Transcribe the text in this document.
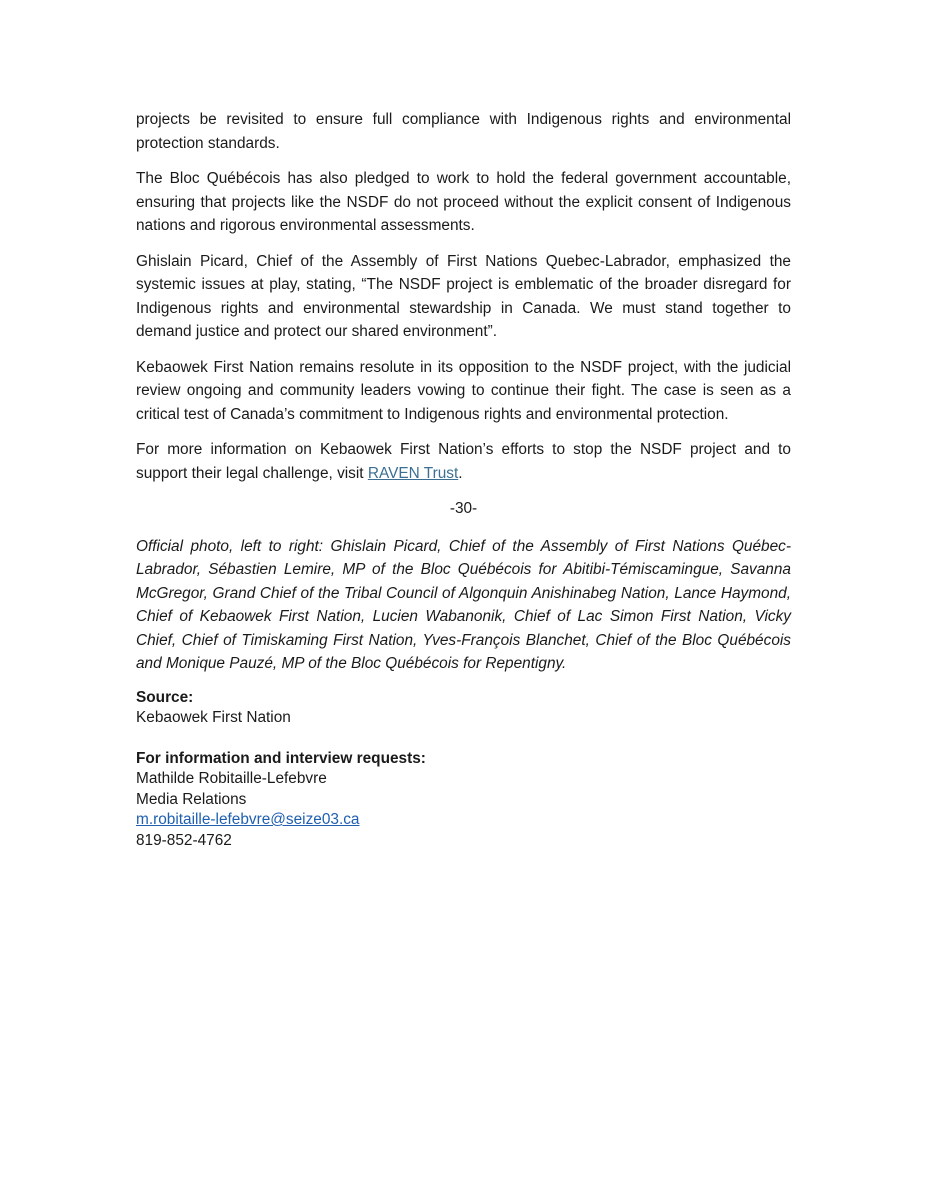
projects be revisited to ensure full compliance with Indigenous rights and environmental protection standards.

The Bloc Québécois has also pledged to work to hold the federal government accountable, ensuring that projects like the NSDF do not proceed without the explicit consent of Indigenous nations and rigorous environmental assessments.

Ghislain Picard, Chief of the Assembly of First Nations Quebec-Labrador, emphasized the systemic issues at play, stating, “The NSDF project is emblematic of the broader disregard for Indigenous rights and environmental stewardship in Canada. We must stand together to demand justice and protect our shared environment”.

Kebaowek First Nation remains resolute in its opposition to the NSDF project, with the judicial review ongoing and community leaders vowing to continue their fight. The case is seen as a critical test of Canada’s commitment to Indigenous rights and environmental protection.

For more information on Kebaowek First Nation’s efforts to stop the NSDF project and to support their legal challenge, visit RAVEN Trust.

-30-

Official photo, left to right: Ghislain Picard, Chief of the Assembly of First Nations Québec-Labrador, Sébastien Lemire, MP of the Bloc Québécois for Abitibi-Témiscamingue, Savanna McGregor, Grand Chief of the Tribal Council of Algonquin Anishinabeg Nation, Lance Haymond, Chief of Kebaowek First Nation, Lucien Wabanonik, Chief of Lac Simon First Nation, Vicky Chief, Chief of Timiskaming First Nation, Yves-François Blanchet, Chief of the Bloc Québécois and Monique Pauzé, MP of the Bloc Québécois for Repentigny.

Source:
Kebaowek First Nation
For information and interview requests:
Mathilde Robitaille-Lefebvre
Media Relations
m.robitaille-lefebvre@seize03.ca
819-852-4762
